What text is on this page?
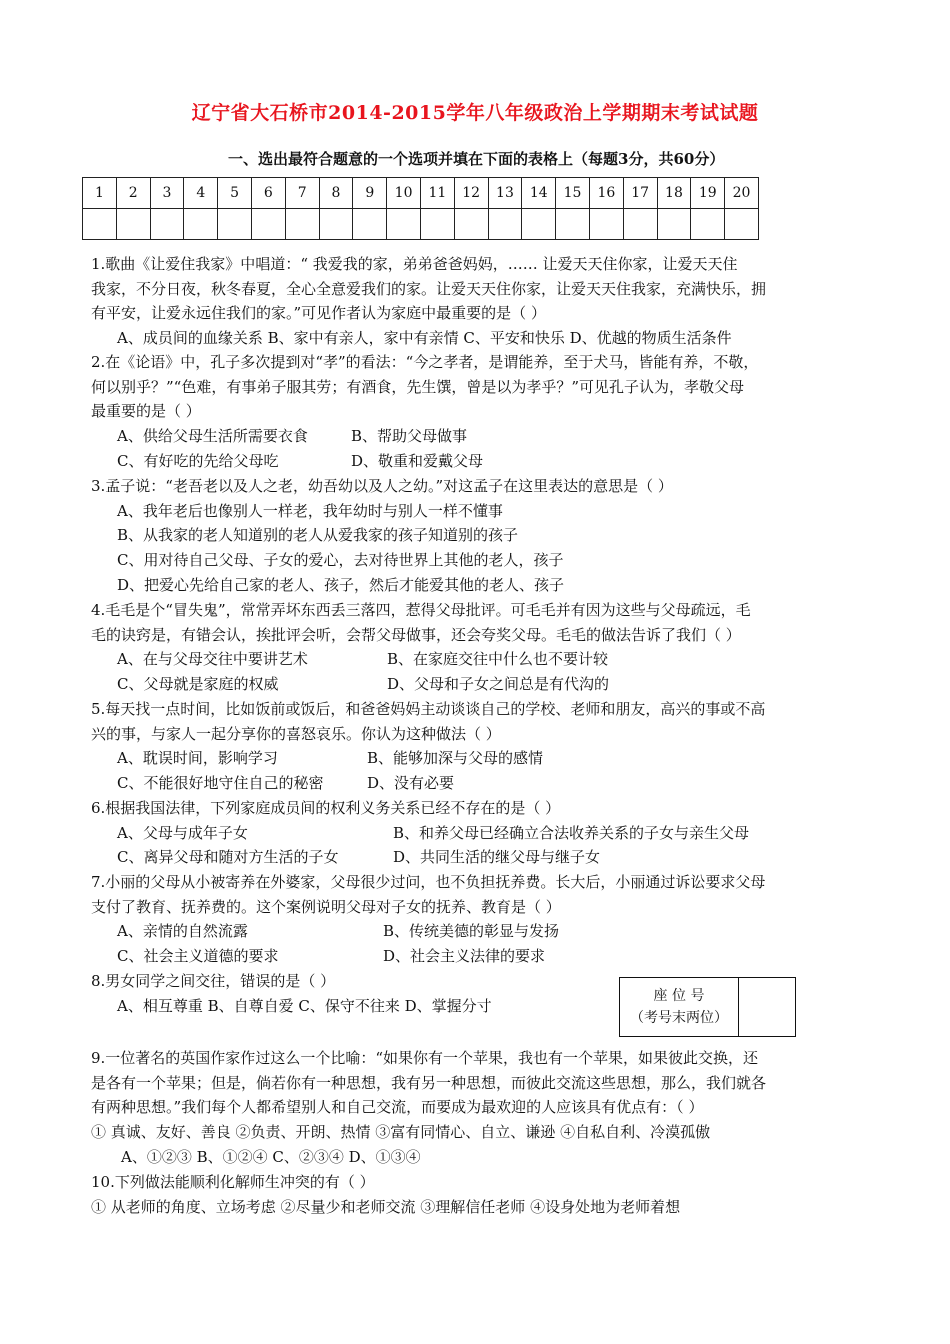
辽宁省大石桥市2014-2015学年八年级政治上学期期末考试试题
一、选出最符合题意的一个选项并填在下面的表格上（每题3分，共60分）
1	2	3	4	5	6	7	8	9	10	11	12	13	14	15	16	17	18	19	20

1.歌曲《让爱住我家》中唱道：“ 我爱我的家，弟弟爸爸妈妈，…… 让爱天天住你家，让爱天天住
我家，不分日夜，秋冬春夏，全心全意爱我们的家。让爱天天住你家，让爱天天住我家，充满快乐，拥
有平安，让爱永远住我们的家。”可见作者认为家庭中最重要的是（ ）
A、成员间的血缘关系 B、家中有亲人，家中有亲情 C、平安和快乐 D、优越的物质生活条件
2.在《论语》中，孔子多次提到对“孝”的看法：“今之孝者，是谓能养，至于犬马，皆能有养，不敬，
何以别乎？”“色难，有事弟子服其劳；有酒食，先生馔，曾是以为孝乎？”可见孔子认为，孝敬父母
最重要的是（ ）
A、供给父母生活所需要衣食	B、帮助父母做事
C、有好吃的先给父母吃	D、敬重和爱戴父母
3.孟子说：“老吾老以及人之老，幼吾幼以及人之幼。”对这孟子在这里表达的意思是（ ）
A、我年老后也像别人一样老，我年幼时与别人一样不懂事
B、从我家的老人知道别的老人从爱我家的孩子知道别的孩子
C、用对待自己父母、子女的爱心，去对待世界上其他的老人，孩子
D、把爱心先给自己家的老人、孩子，然后才能爱其他的老人、孩子
4.毛毛是个“冒失鬼”，常常弄坏东西丢三落四，惹得父母批评。可毛毛并有因为这些与父母疏远，毛
毛的诀窍是，有错会认，挨批评会听，会帮父母做事，还会夸奖父母。毛毛的做法告诉了我们（ ）
A、在与父母交往中要讲艺术	B、在家庭交往中什么也不要计较
C、父母就是家庭的权威	D、父母和子女之间总是有代沟的
5.每天找一点时间，比如饭前或饭后，和爸爸妈妈主动谈谈自己的学校、老师和朋友，高兴的事或不高
兴的事，与家人一起分享你的喜怒哀乐。你认为这种做法（ ）
A、耽误时间，影响学习	B、能够加深与父母的感情
C、不能很好地守住自己的秘密	D、没有必要
6.根据我国法律，下列家庭成员间的权利义务关系已经不存在的是（ ）
A、父母与成年子女	B、和养父母已经确立合法收养关系的子女与亲生父母
C、离异父母和随对方生活的子女	D、共同生活的继父母与继子女
7.小丽的父母从小被寄养在外婆家，父母很少过问，也不负担抚养费。长大后，小丽通过诉讼要求父母
支付了教育、抚养费的。这个案例说明父母对子女的抚养、教育是（ ）
A、亲情的自然流露	B、传统美德的彰显与发扬
C、社会主义道德的要求	D、社会主义法律的要求
8.男女同学之间交往，错误的是（ ）
A、相互尊重 B、自尊自爱 C、保守不往来 D、掌握分寸
座 位 号
（考号末两位）

9.一位著名的英国作家作过这么一个比喻：“如果你有一个苹果，我也有一个苹果，如果彼此交换，还
是各有一个苹果；但是，倘若你有一种思想，我有另一种思想，而彼此交流这些思想，那么，我们就各
有两种思想。”我们每个人都希望别人和自己交流，而要成为最欢迎的人应该具有优点有：（ ）
① 真诚、友好、善良 ②负责、开朗、热情 ③富有同情心、自立、谦逊 ④自私自利、冷漠孤傲
A、①②③ B、①②④ C、②③④ D、①③④
10.下列做法能顺利化解师生冲突的有（ ）
① 从老师的角度、立场考虑 ②尽量少和老师交流 ③理解信任老师 ④设身处地为老师着想
